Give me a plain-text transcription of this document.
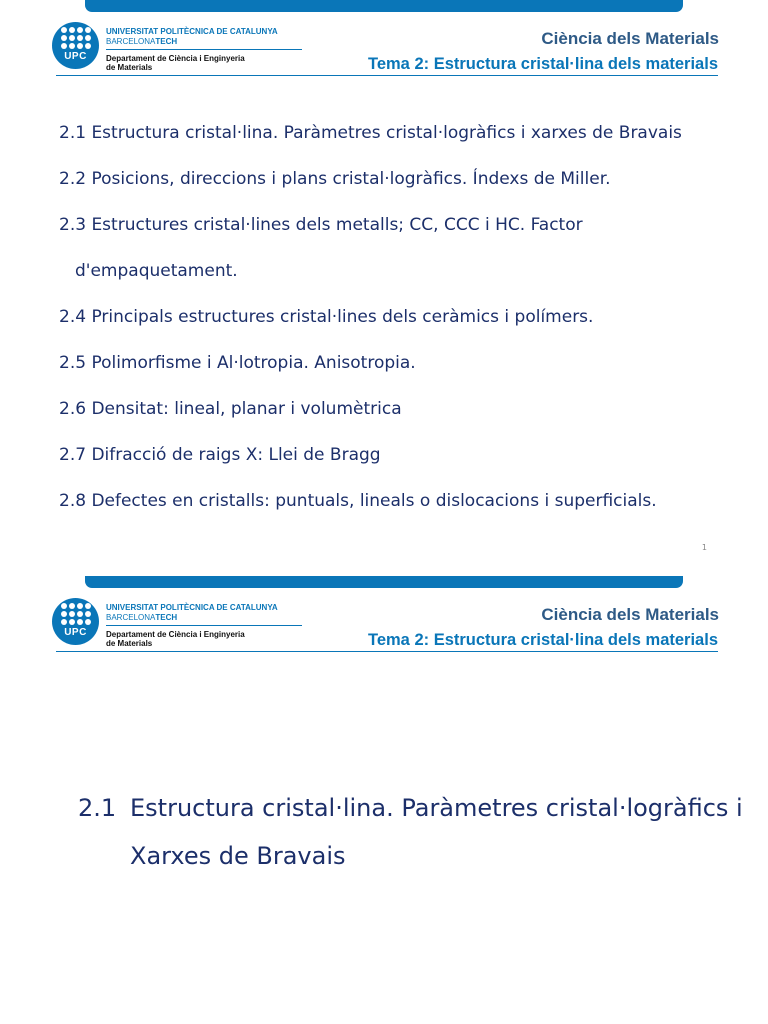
UPC
UNIVERSITAT POLITÈCNICA DE CATALUNYA
BARCELONATECH
Departament de Ciència i Enginyeria
de Materials
Ciència dels Materials
Tema 2: Estructura cristal·lina dels materials
2.1 Estructura cristal·lina. Paràmetres cristal·logràfics i xarxes de Bravais
2.2 Posicions, direccions i plans cristal·logràfics. Índexs de Miller.
2.3 Estructures cristal·lines dels metalls; CC, CCC i HC. Factor
d'empaquetament.
2.4 Principals estructures cristal·lines dels ceràmics i polímers.
2.5 Polimorfisme i Al·lotropia. Anisotropia.
2.6 Densitat: lineal, planar i volumètrica
2.7 Difracció de raigs X: Llei de Bragg
2.8 Defectes en cristalls: puntuals, lineals o dislocacions i superficials.
1
UPC
UNIVERSITAT POLITÈCNICA DE CATALUNYA
BARCELONATECH
Departament de Ciència i Enginyeria
de Materials
Ciència dels Materials
Tema 2: Estructura cristal·lina dels materials
2.1 Estructura cristal·lina. Paràmetres cristal·logràfics i
Xarxes de Bravais
